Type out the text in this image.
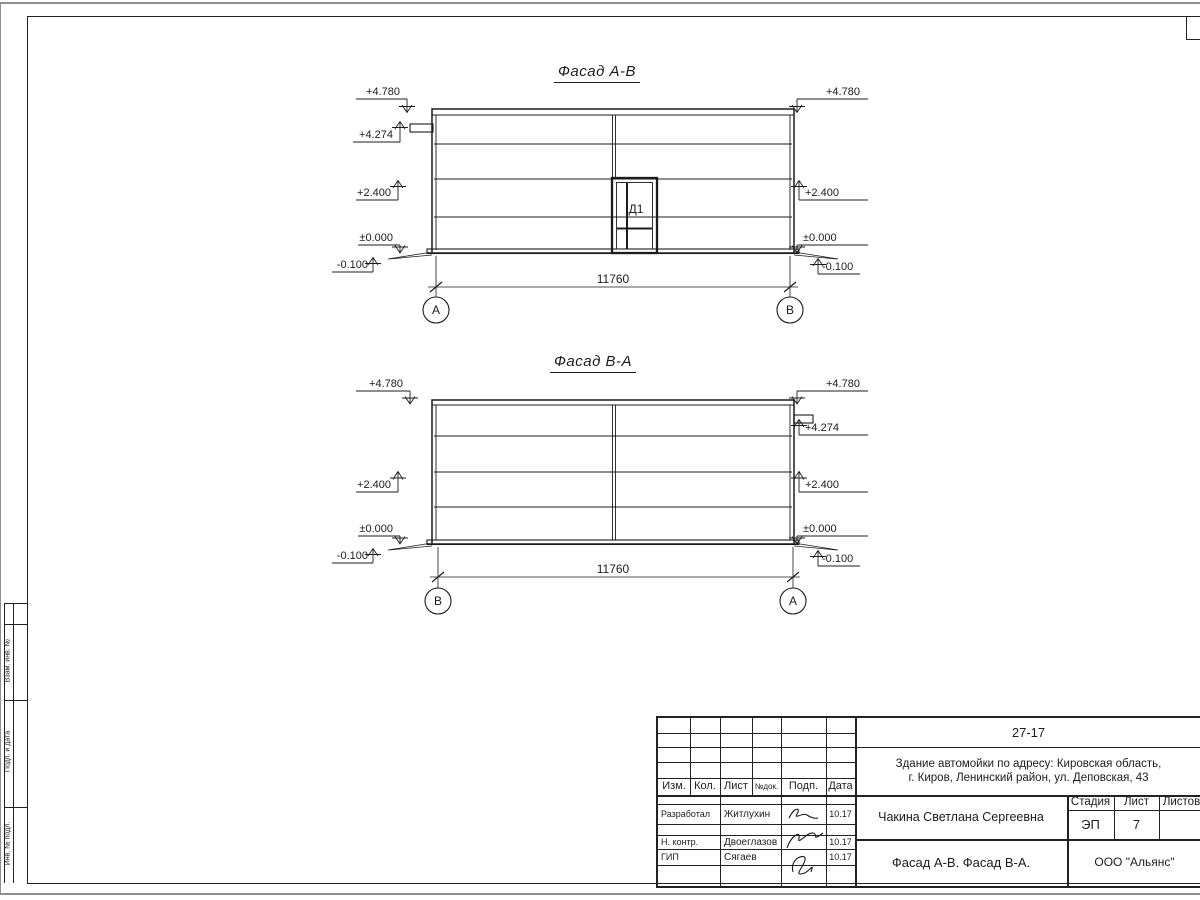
Взам. инв. №
Подп. и дата
Инв. № подл.
Фасад А-В
+4.780
+4.274
+2.400
±0.000
-0.100
+4.780
+2.400
±0.000
-0.100
11760
А	В
Д1
Фасад В-А
+4.780
+2.400
±0.000
-0.100
+4.780
+4.274
+2.400
±0.000
-0.100
11760
В	А
Изм. Кол. Лист №док. Подп. Дата
Разработал	Житлухин	10.17
Н. контр.	Двоеглазов	10.17
ГИП	Сягаев	10.17
27-17
Здание автомойки по адресу: Кировская область,
г. Киров, Ленинский район, ул. Деповская, 43
Чакина Светлана Сергеевна
Стадия	Лист	Листов
ЭП	7
Фасад А-В. Фасад В-А.	ООО "Альянс"
